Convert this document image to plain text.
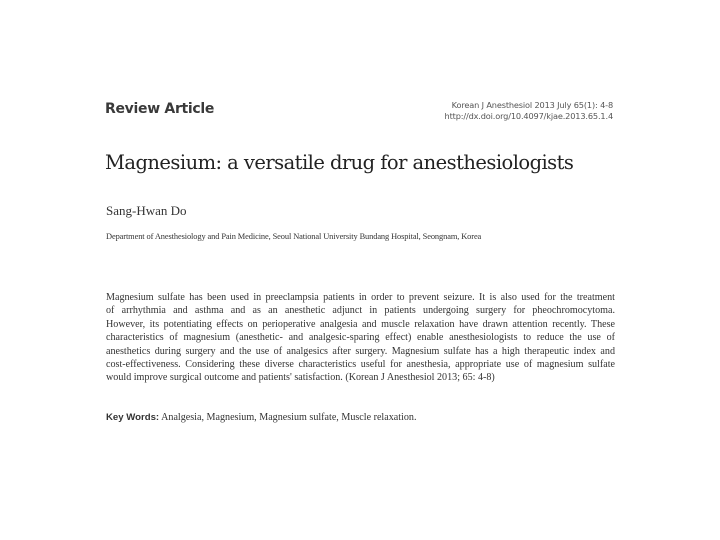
Review Article	Korean J Anesthesiol 2013 July 65(1): 4-8
http://dx.doi.org/10.4097/kjae.2013.65.1.4
Magnesium: a versatile drug for anesthesiologists
Sang-Hwan Do
Department of Anesthesiology and Pain Medicine, Seoul National University Bundang Hospital, Seongnam, Korea
Magnesium sulfate has been used in preeclampsia patients in order to prevent seizure. It is also used for the treatment
of arrhythmia and asthma and as an anesthetic adjunct in patients undergoing surgery for pheochromocytoma.
However, its potentiating effects on perioperative analgesia and muscle relaxation have drawn attention recently. These
characteristics of magnesium (anesthetic- and analgesic-sparing effect) enable anesthesiologists to reduce the use of
anesthetics during surgery and the use of analgesics after surgery. Magnesium sulfate has a high therapeutic index and
cost-effectiveness. Considering these diverse characteristics useful for anesthesia, appropriate use of magnesium sulfate
would improve surgical outcome and patients' satisfaction. (Korean J Anesthesiol 2013; 65: 4-8)
Key Words: Analgesia, Magnesium, Magnesium sulfate, Muscle relaxation.
